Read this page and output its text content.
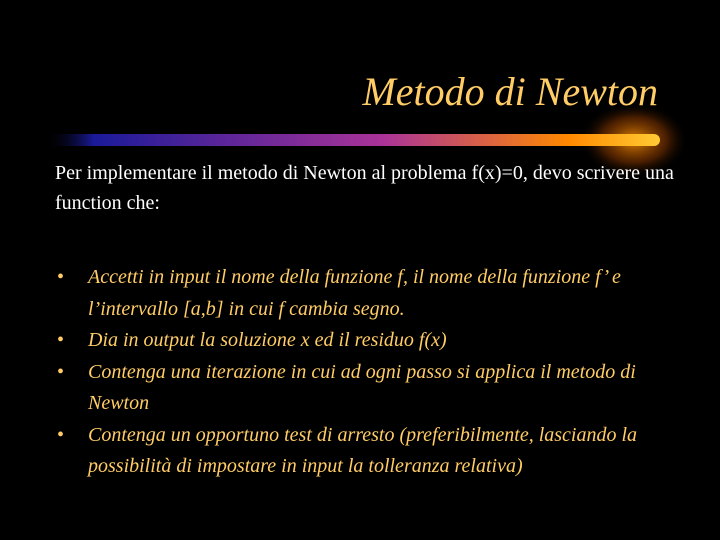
Metodo di Newton

Per implementare il metodo di Newton al problema f(x)=0, devo scrivere una function che:

• Accetti in input il nome della funzione f, il nome della funzione f’ e l’intervallo [a,b] in cui f cambia segno.
• Dia in output la soluzione x ed il residuo f(x)
• Contenga una iterazione in cui ad ogni passo si applica il metodo di Newton
• Contenga un opportuno test di arresto (preferibilmente, lasciando la possibilità di impostare in input la tolleranza relativa)
